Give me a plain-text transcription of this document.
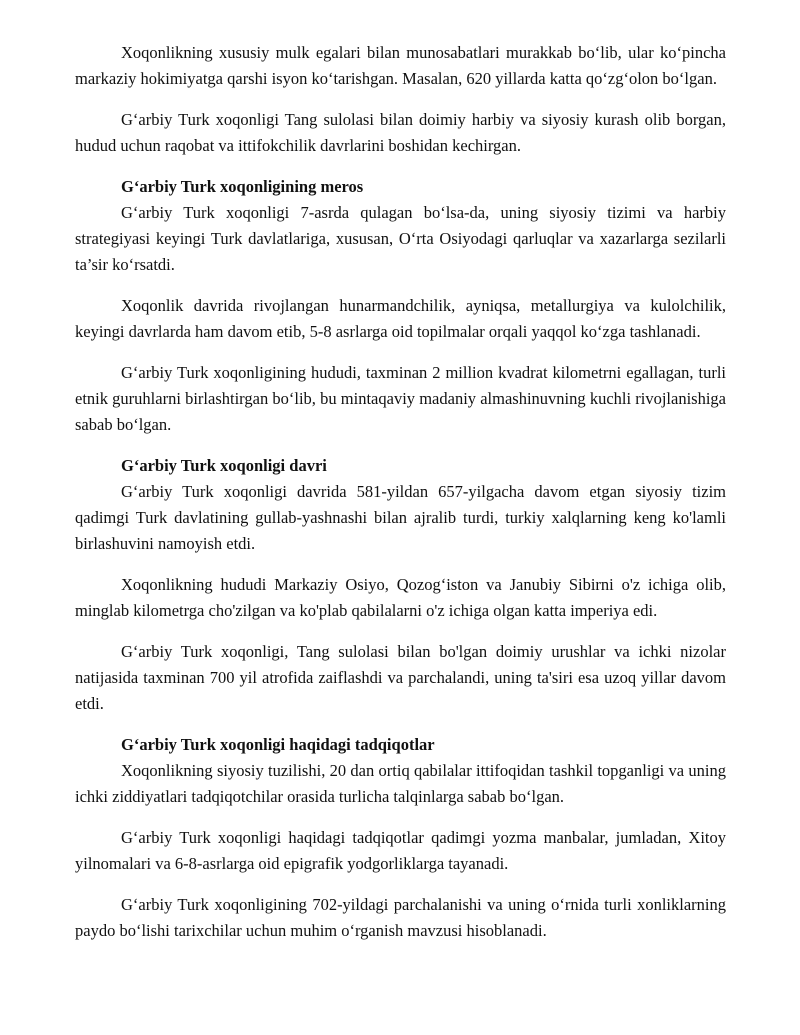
Xoqonlikning xususiy mulk egalari bilan munosabatlari murakkab bo‘lib, ular ko‘pincha markaziy hokimiyatga qarshi isyon ko‘tarishgan. Masalan, 620 yillarda katta qo‘zg‘olon bo‘lgan.

G‘arbiy Turk xoqonligi Tang sulolasi bilan doimiy harbiy va siyosiy kurash olib borgan, hudud uchun raqobat va ittifokchilik davrlarini boshidan kechirgan.

G‘arbiy Turk xoqonligining meros

G‘arbiy Turk xoqonligi 7-asrda qulagan bo‘lsa-da, uning siyosiy tizimi va harbiy strategiyasi keyingi Turk davlatlariga, xususan, O‘rta Osiyodagi qarluqlar va xazarlarga sezilarli ta’sir ko‘rsatdi.

Xoqonlik davrida rivojlangan hunarmandchilik, ayniqsa, metallurgiya va kulolchilik, keyingi davrlarda ham davom etib, 5-8 asrlarga oid topilmalar orqali yaqqol ko‘zga tashlanadi.

G‘arbiy Turk xoqonligining hududi, taxminan 2 million kvadrat kilometrni egallagan, turli etnik guruhlarni birlashtirgan bo‘lib, bu mintaqaviy madaniy almashinuvning kuchli rivojlanishiga sabab bo‘lgan.

G‘arbiy Turk xoqonligi davri

G‘arbiy Turk xoqonligi davrida 581-yildan 657-yilgacha davom etgan siyosiy tizim qadimgi Turk davlatining gullab-yashnashi bilan ajralib turdi, turkiy xalqlarning keng ko'lamli birlashuvini namoyish etdi.

Xoqonlikning hududi Markaziy Osiyo, Qozog‘iston va Janubiy Sibirni o'z ichiga olib, minglab kilometrga cho'zilgan va ko'plab qabilalarni o'z ichiga olgan katta imperiya edi.

G‘arbiy Turk xoqonligi, Tang sulolasi bilan bo'lgan doimiy urushlar va ichki nizolar natijasida taxminan 700 yil atrofida zaiflashdi va parchalandi, uning ta'siri esa uzoq yillar davom etdi.

G‘arbiy Turk xoqonligi haqidagi tadqiqotlar

Xoqonlikning siyosiy tuzilishi, 20 dan ortiq qabilalar ittifoqidan tashkil topganligi va uning ichki ziddiyatlari tadqiqotchilar orasida turlicha talqinlarga sabab bo‘lgan.

G‘arbiy Turk xoqonligi haqidagi tadqiqotlar qadimgi yozma manbalar, jumladan, Xitoy yilnomalari va 6-8-asrlarga oid epigrafik yodgorliklarga tayanadi.

G‘arbiy Turk xoqonligining 702-yildagi parchalanishi va uning o‘rnida turli xonliklarning paydo bo‘lishi tarixchilar uchun muhim o‘rganish mavzusi hisoblanadi.
